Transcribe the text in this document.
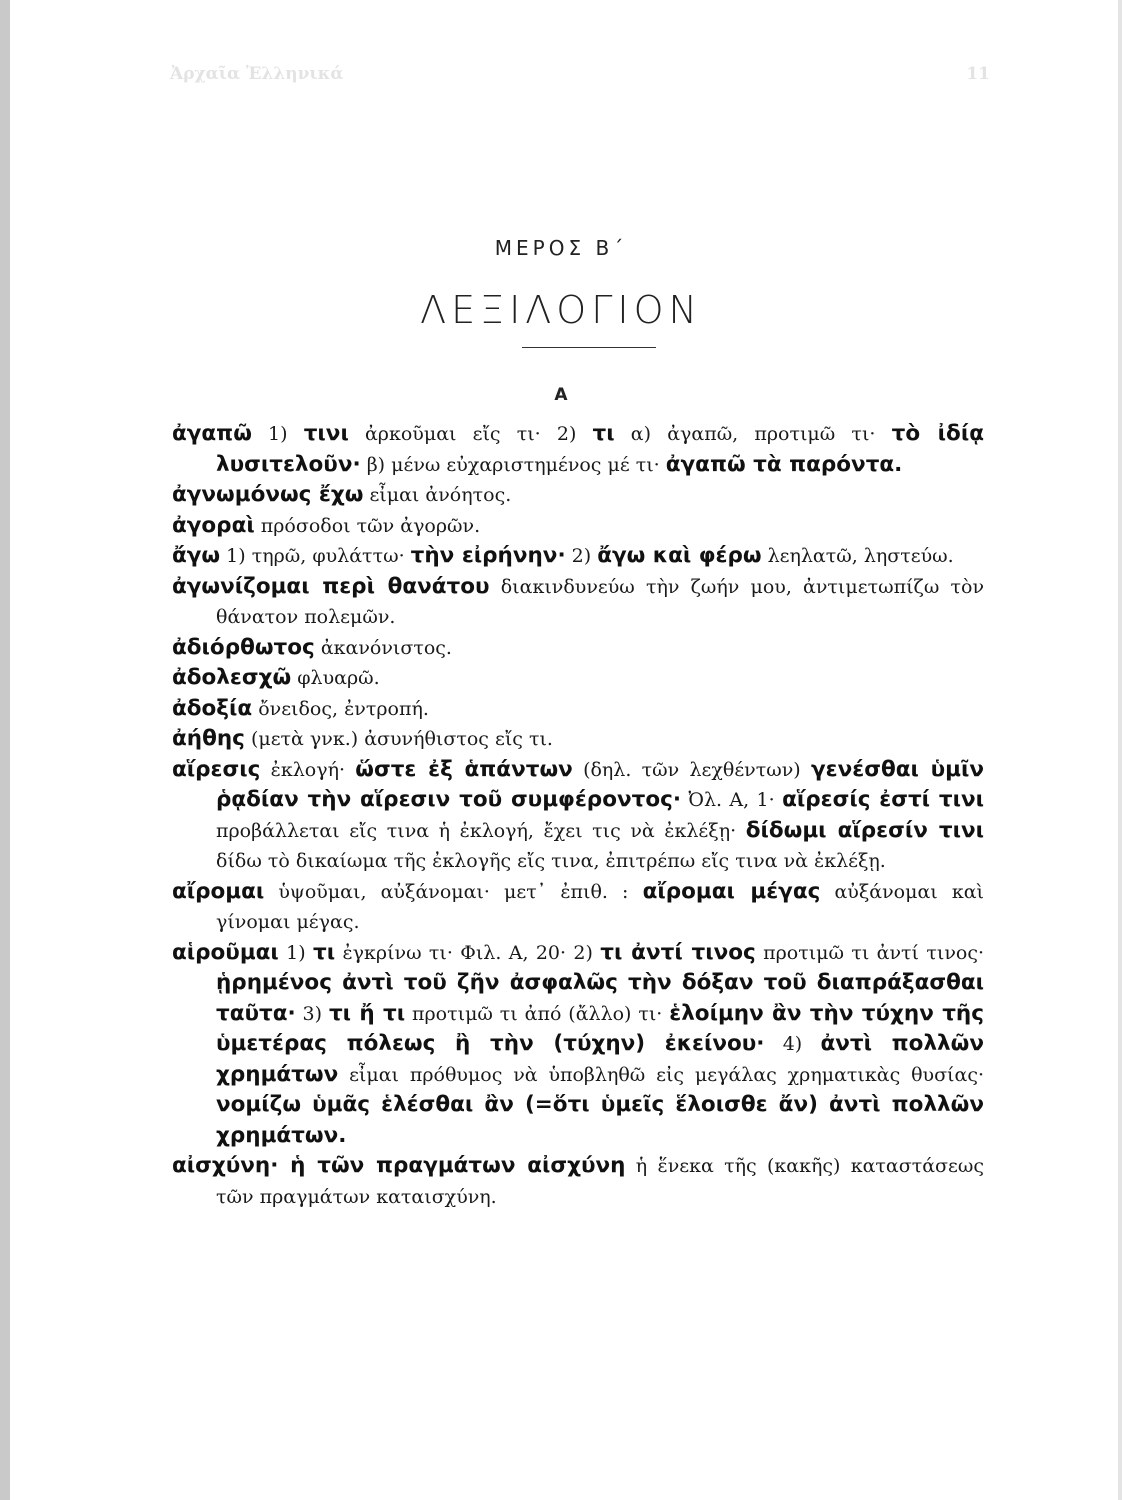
Ἀρχαῖα Ἑλληνικά	11
ΜΕΡΟΣ Β΄
ΛΕΞΙΛΟΓΙΟΝ
Α
ἀγαπῶ 1) τινι ἀρκοῦμαι εἴς τι· 2) τι α) ἀγαπῶ, προτιμῶ τι· τὸ ἰδίᾳ λυσιτελοῦν· β) μένω εὐχαριστημένος μέ τι· ἀγαπῶ τὰ παρόντα.
ἀγνωμόνως ἔχω εἶμαι ἀνόητος.
ἀγοραὶ πρόσοδοι τῶν ἀγορῶν.
ἄγω 1) τηρῶ, φυλάττω· τὴν εἰρήνην· 2) ἄγω καὶ φέρω λεηλατῶ, ληστεύω.
ἀγωνίζομαι περὶ θανάτου διακινδυνεύω τὴν ζωήν μου, ἀντιμετωπίζω τὸν θάνατον πολεμῶν.
ἀδιόρθωτος ἀκανόνιστος.
ἀδολεσχῶ φλυαρῶ.
ἀδοξία ὄνειδος, ἐντροπή.
ἀήθης (μετὰ γνκ.) ἀσυνήθιστος εἴς τι.
αἵρεσις ἐκλογή· ὥστε ἐξ ἁπάντων (δηλ. τῶν λεχθέντων) γενέσθαι ὑμῖν ῥᾳδίαν τὴν αἵρεσιν τοῦ συμφέροντος· Ὀλ. Α, 1· αἵρεσίς ἐστί τινι προβάλλεται εἴς τινα ἡ ἐκλογή, ἔχει τις νὰ ἐκλέξῃ· δίδωμι αἵρεσίν τινι δίδω τὸ δικαίωμα τῆς ἐκλογῆς εἴς τινα, ἐπιτρέπω εἴς τινα νὰ ἐκλέξῃ.
αἴρομαι ὑψοῦμαι, αὐξάνομαι· μετ᾽ ἐπιθ. : αἴρομαι μέγας αὐξάνομαι καὶ γίνομαι μέγας.
αἱροῦμαι 1) τι ἐγκρίνω τι· Φιλ. Α, 20· 2) τι ἀντί τινος προτιμῶ τι ἀντί τινος· ᾑρημένος ἀντὶ τοῦ ζῆν ἀσφαλῶς τὴν δόξαν τοῦ διαπράξασθαι ταῦτα· 3) τι ἤ τι προτιμῶ τι ἀπό (ἄλλο) τι· ἑλοίμην ἂν τὴν τύχην τῆς ὑμετέρας πόλεως ἢ τὴν (τύχην) ἐκείνου· 4) ἀντὶ πολλῶν χρημάτων εἶμαι πρόθυμος νὰ ὑποβληθῶ εἰς μεγάλας χρηματικὰς θυσίας· νομίζω ὑμᾶς ἑλέσθαι ἂν (=ὅτι ὑμεῖς ἕλοισθε ἄν) ἀντὶ πολλῶν χρημάτων.
αἰσχύνη· ἡ τῶν πραγμάτων αἰσχύνη ἡ ἕνεκα τῆς (κακῆς) καταστάσεως τῶν πραγμάτων καταισχύνη.
